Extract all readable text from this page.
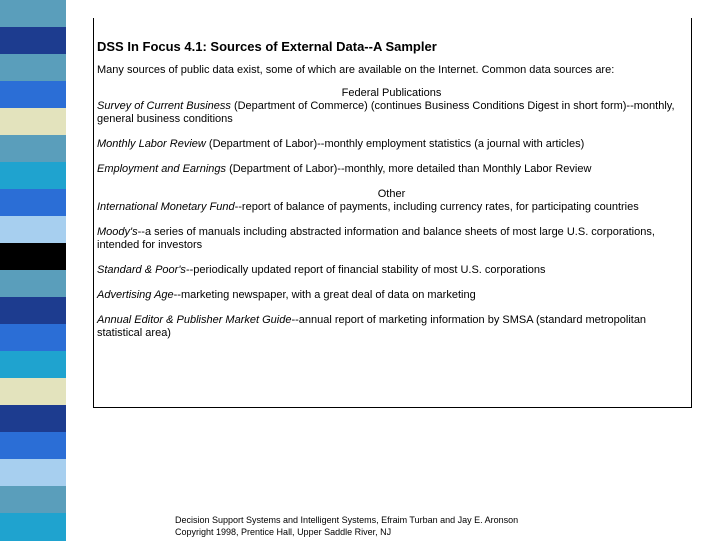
DSS In Focus 4.1: Sources of External Data--A Sampler

Many sources of public data exist, some of which are available on the Internet. Common data sources are:

Federal Publications

Survey of Current Business (Department of Commerce) (continues Business Conditions Digest in short form)--monthly, general business conditions

Monthly Labor Review (Department of Labor)--monthly employment statistics (a journal with articles)

Employment and Earnings (Department of Labor)--monthly, more detailed than Monthly Labor Review

Other

International Monetary Fund--report of balance of payments, including currency rates, for participating countries

Moody's--a series of manuals including abstracted information and balance sheets of most large U.S. corporations, intended for investors

Standard & Poor's--periodically updated report of financial stability of most U.S. corporations

Advertising Age--marketing newspaper, with a great deal of data on marketing

Annual Editor & Publisher Market Guide--annual report of marketing information by SMSA (standard metropolitan statistical area)

Decision Support Systems and Intelligent Systems, Efraim Turban and Jay E. Aronson
Copyright 1998, Prentice Hall, Upper Saddle River, NJ
